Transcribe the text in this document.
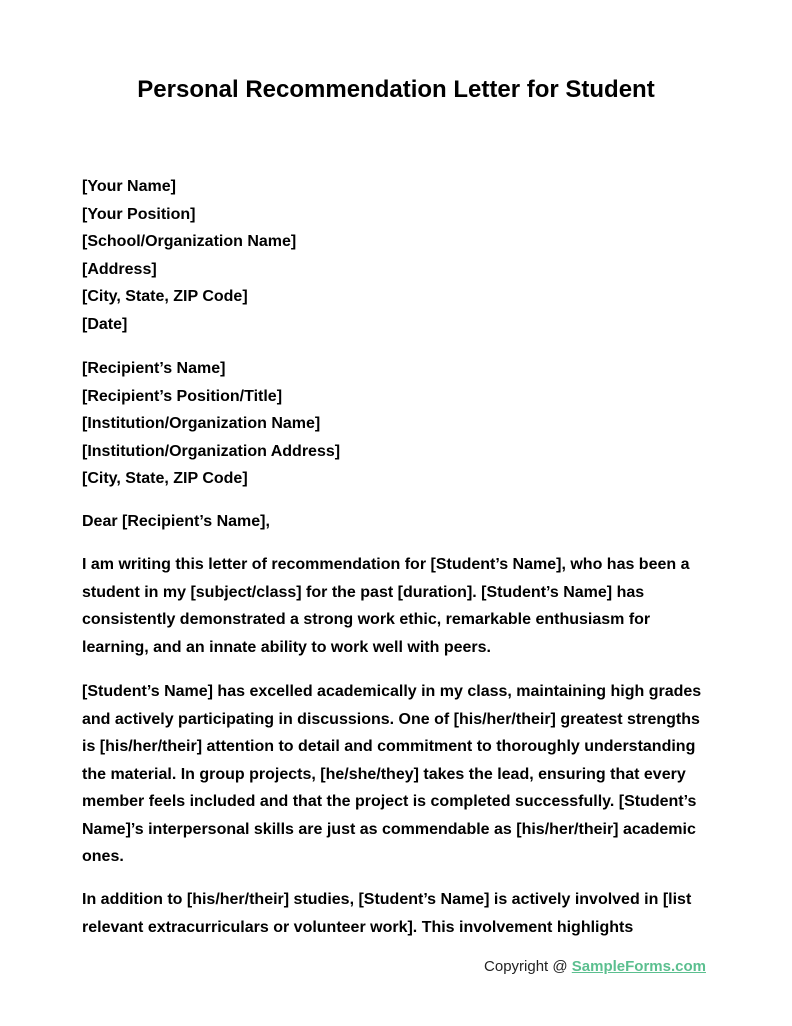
Personal Recommendation Letter for Student
[Your Name]
[Your Position]
[School/Organization Name]
[Address]
[City, State, ZIP Code]
[Date]
[Recipient’s Name]
[Recipient’s Position/Title]
[Institution/Organization Name]
[Institution/Organization Address]
[City, State, ZIP Code]
Dear [Recipient’s Name],
I am writing this letter of recommendation for [Student’s Name], who has been a student in my [subject/class] for the past [duration]. [Student’s Name] has consistently demonstrated a strong work ethic, remarkable enthusiasm for learning, and an innate ability to work well with peers.
[Student’s Name] has excelled academically in my class, maintaining high grades and actively participating in discussions. One of [his/her/their] greatest strengths is [his/her/their] attention to detail and commitment to thoroughly understanding the material. In group projects, [he/she/they] takes the lead, ensuring that every member feels included and that the project is completed successfully. [Student’s Name]’s interpersonal skills are just as commendable as [his/her/their] academic ones.
In addition to [his/her/their] studies, [Student’s Name] is actively involved in [list relevant extracurriculars or volunteer work]. This involvement highlights
Copyright @ SampleForms.com
